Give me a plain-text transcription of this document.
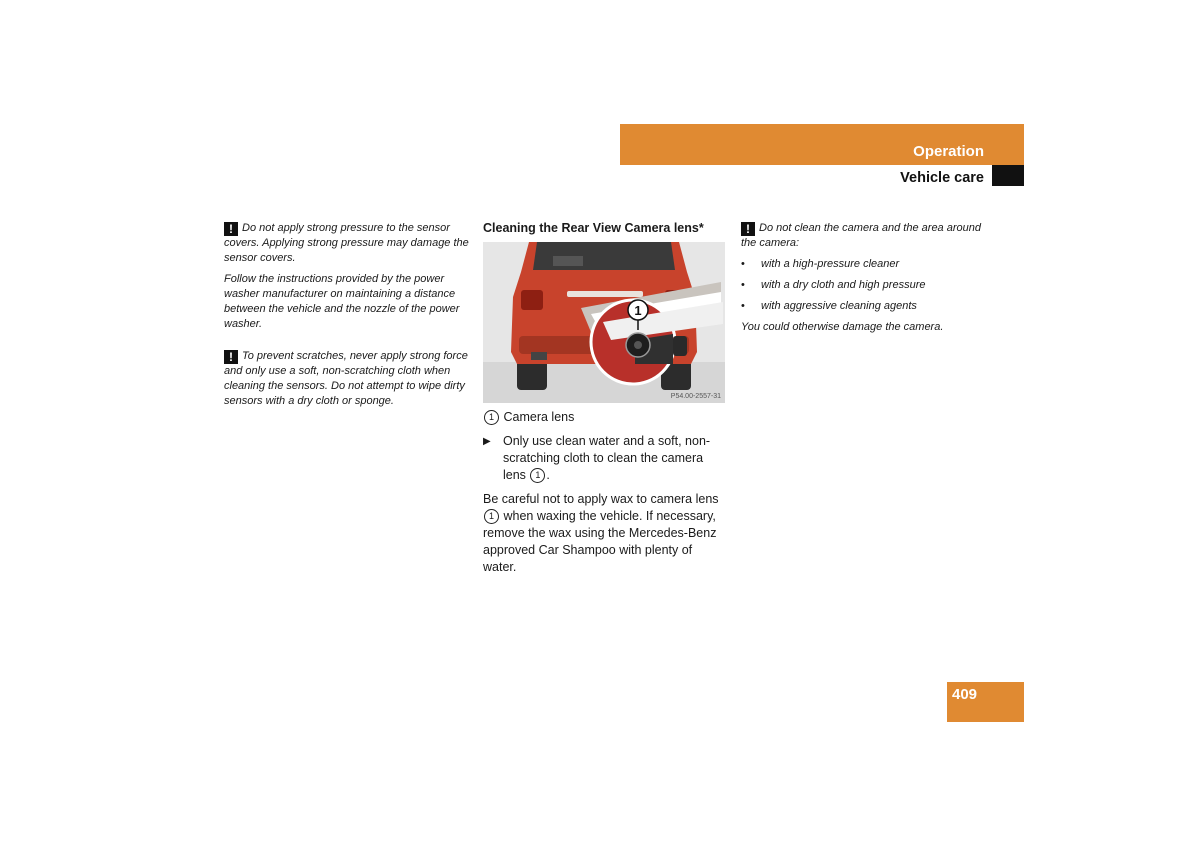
Operation
Vehicle care

! Do not apply strong pressure to the sensor covers. Applying strong pressure may damage the sensor covers.

Follow the instructions provided by the power washer manufacturer on maintaining a distance between the vehicle and the nozzle of the power washer.

! To prevent scratches, never apply strong force and only use a soft, non-scratching cloth when cleaning the sensors. Do not attempt to wipe dirty sensors with a dry cloth or sponge.

Cleaning the Rear View Camera lens*

1
P54.00-2557-31
1
Camera lens
▶ Only use clean water and a soft, non-scratching cloth to clean the camera lens 1 .

Be careful not to apply wax to camera lens 1 when waxing the vehicle. If necessary, remove the wax using the Mercedes-Benz approved Car Shampoo with plenty of water.

! Do not clean the camera and the area around the camera:

•	with a high-pressure cleaner
•	with a dry cloth and high pressure
•	with aggressive cleaning agents

You could otherwise damage the camera.

409
